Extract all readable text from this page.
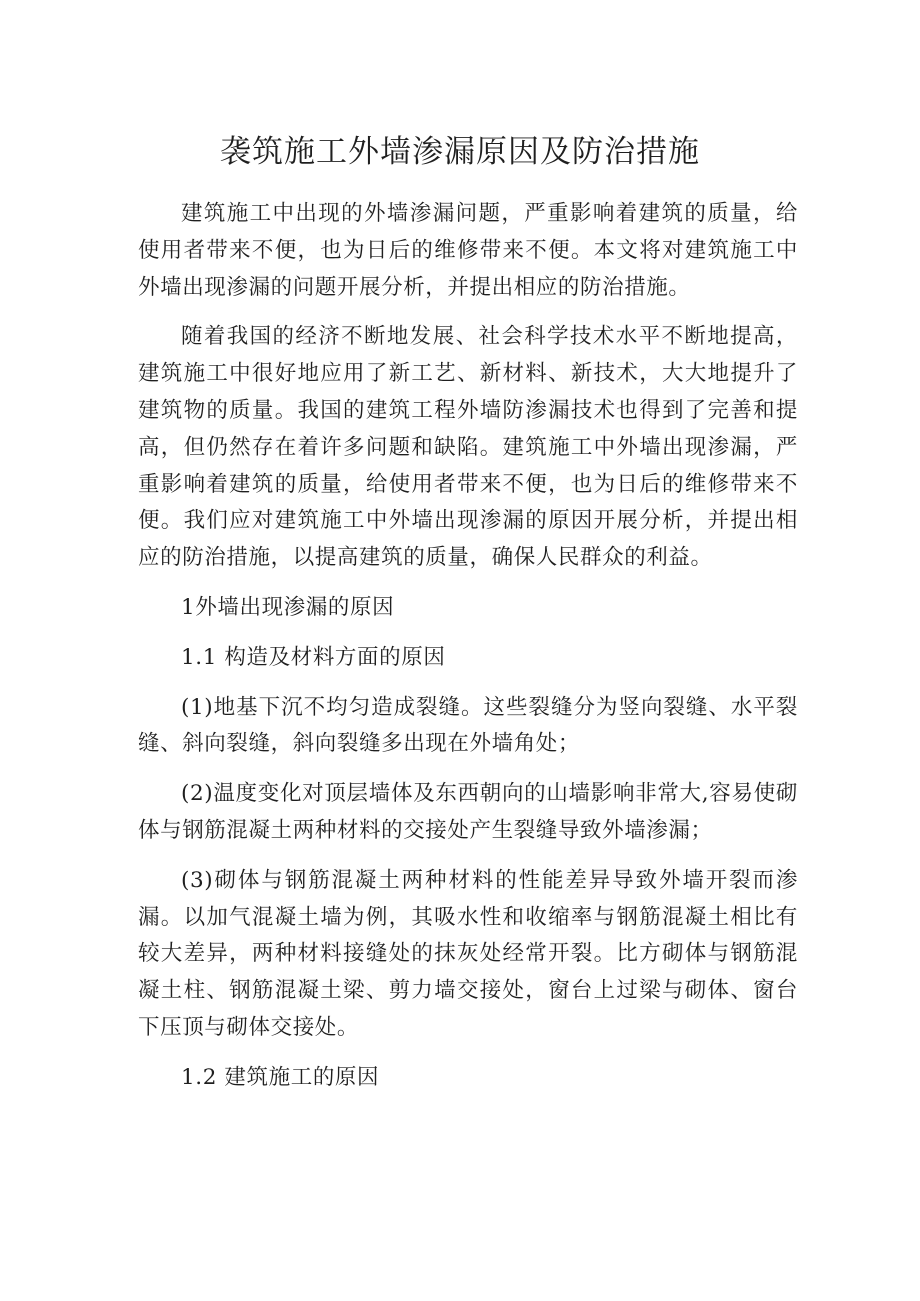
袭筑施工外墙渗漏原因及防治措施

建筑施工中出现的外墙渗漏问题，严重影响着建筑的质量，给使用者带来不便，也为日后的维修带来不便。本文将对建筑施工中外墙出现渗漏的问题开展分析，并提出相应的防治措施。

随着我国的经济不断地发展、社会科学技术水平不断地提高，建筑施工中很好地应用了新工艺、新材料、新技术，大大地提升了建筑物的质量。我国的建筑工程外墙防渗漏技术也得到了完善和提高，但仍然存在着许多问题和缺陷。建筑施工中外墙出现渗漏，严重影响着建筑的质量，给使用者带来不便，也为日后的维修带来不便。我们应对建筑施工中外墙出现渗漏的原因开展分析，并提出相应的防治措施，以提高建筑的质量，确保人民群众的利益。

1外墙出现渗漏的原因

1.1 构造及材料方面的原因

(1)地基下沉不均匀造成裂缝。这些裂缝分为竖向裂缝、水平裂缝、斜向裂缝，斜向裂缝多出现在外墙角处；

(2)温度变化对顶层墙体及东西朝向的山墙影响非常大,容易使砌体与钢筋混凝土两种材料的交接处产生裂缝导致外墙渗漏；

(3)砌体与钢筋混凝土两种材料的性能差异导致外墙开裂而渗漏。以加气混凝土墙为例，其吸水性和收缩率与钢筋混凝土相比有较大差异，两种材料接缝处的抹灰处经常开裂。比方砌体与钢筋混凝土柱、钢筋混凝土梁、剪力墙交接处，窗台上过梁与砌体、窗台下压顶与砌体交接处。

1.2 建筑施工的原因
